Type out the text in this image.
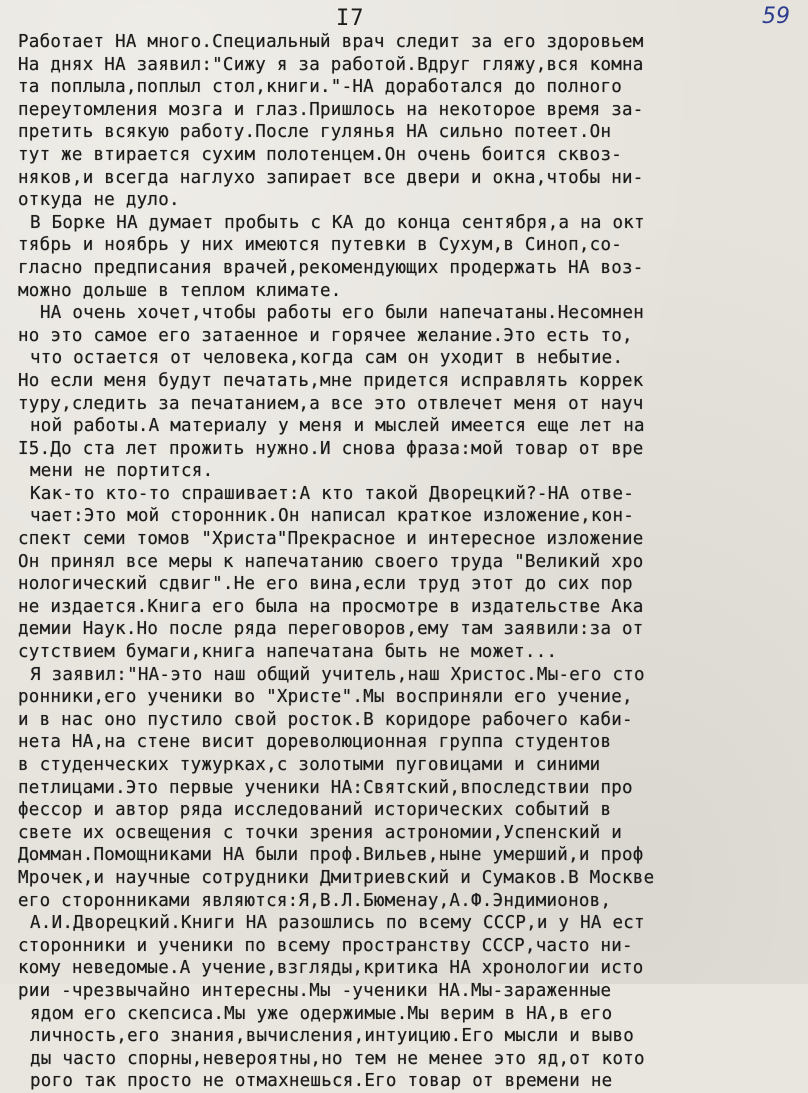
I7	59
Работает НА много.Специальный врач следит за его здоровьем
На днях НА заявил:"Сижу я за работой.Вдруг гляжу,вся комна
та поплыла,поплыл стол,книги."-НА доработался до полного
переутомления мозга и глаз.Пришлось на некоторое время за-
претить всякую работу.После гулянья НА сильно потеет.Он
тут же втирается сухим полотенцем.Он очень боится сквоз-
няков,и всегда наглухо запирает все двери и окна,чтобы ни-
откуда не дуло.
В Борке НА думает пробыть с КА до конца сентября,а на окт
тябрь и ноябрь у них имеются путевки в Сухум,в Синоп,со-
гласно предписания врачей,рекомендующих продержать НА воз-
можно дольше в теплом климате.
НА очень хочет,чтобы работы его были напечатаны.Несомнен
но это самое его затаенное и горячее желание.Это есть то,
что остается от человека,когда сам он уходит в небытие.
Но если меня будут печатать,мне придется исправлять коррек
туру,следить за печатанием,а все это отвлечет меня от науч
ной работы.А материалу у меня и мыслей имеется еще лет на
I5.До ста лет прожить нужно.И снова фраза:мой товар от вре
мени не портится.
Как-то кто-то спрашивает:А кто такой Дворецкий?-НА отве-
чает:Это мой сторонник.Он написал краткое изложение,кон-
спект семи томов "Христа"Прекрасное и интересное изложение
Он принял все меры к напечатанию своего труда "Великий хро
нологический сдвиг".Не его вина,если труд этот до сих пор
не издается.Книга его была на просмотре в издательстве Ака
демии Наук.Но после ряда переговоров,ему там заявили:за от
сутствием бумаги,книга напечатана быть не может...
Я заявил:"НА-это наш общий учитель,наш Христос.Мы-его сто
ронники,его ученики во "Христе".Мы восприняли его учение,
и в нас оно пустило свой росток.В коридоре рабочего каби-
нета НА,на стене висит дореволюционная группа студентов
в студенческих тужурках,с золотыми пуговицами и синими
петлицами.Это первые ученики НА:Святский,впоследствии про
фессор и автор ряда исследований исторических событий в
свете их освещения с точки зрения астрономии,Успенский и
Домман.Помощниками НА были проф.Вильев,ныне умерший,и проф
Мрочек,и научные сотрудники Дмитриевский и Сумаков.В Москве
его сторонниками являются:Я,В.Л.Бюменау,А.Ф.Эндимионов,
А.И.Дворецкий.Книги НА разошлись по всему СССР,и у НА ест
сторонники и ученики по всему пространству СССР,часто ни-
кому неведомые.А учение,взгляды,критика НА хронологии исто
рии -чрезвычайно интересны.Мы -ученики НА.Мы-зараженные
ядом его скепсиса.Мы уже одержимые.Мы верим в НА,в его
личность,его знания,вычисления,интуицию.Его мысли и выво
ды часто спорны,невероятны,но тем не менее это яд,от кото
рого так просто не отмахнешься.Его товар от времени не
